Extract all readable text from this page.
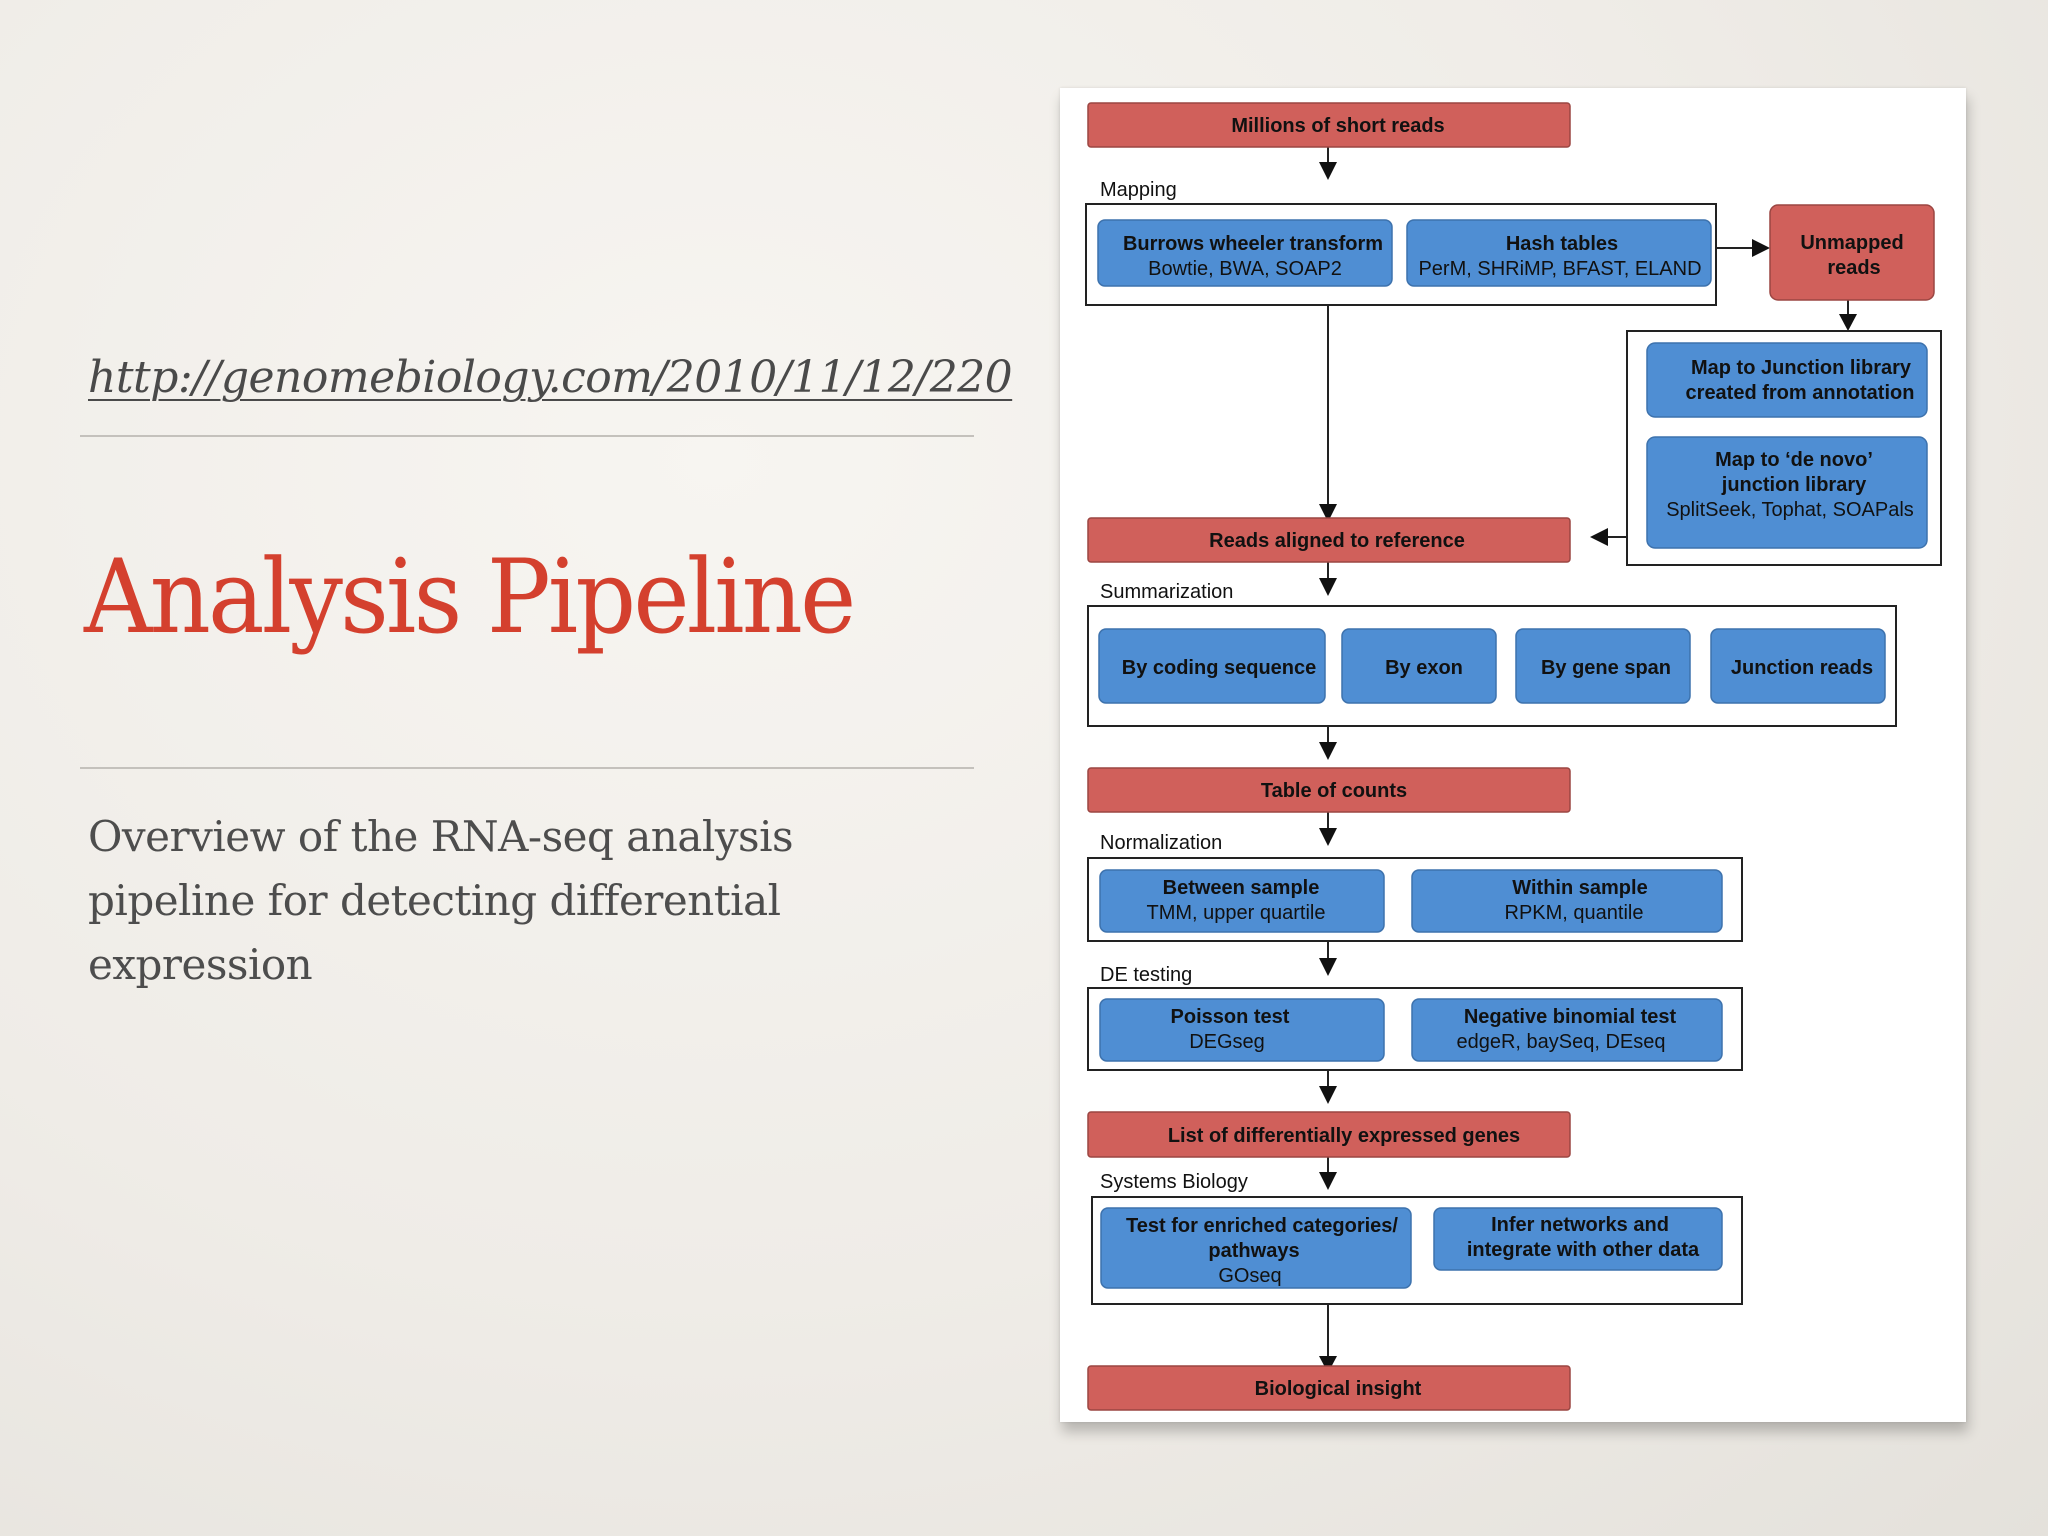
http://genomebiology.com/2010/11/12/220
Analysis Pipeline
Overview of the RNA-seq analysis pipeline for detecting differential expression
Millions of short reads
Mapping
Burrows wheeler transform
Bowtie, BWA, SOAP2
Hash tables
PerM, SHRiMP, BFAST, ELAND
Unmapped
reads
Map to Junction library
created from annotation
Map to ‘de novo’
junction library
SplitSeek, Tophat, SOAPals
Reads aligned to reference
Summarization
By coding sequence	By exon	By gene span	Junction reads
Table of counts
Normalization
Between sample
TMM, upper quartile
Within sample
RPKM, quantile
DE testing
Poisson test
DEGseg
Negative binomial test
edgeR, baySeq, DEseq
List of differentially expressed genes
Systems Biology
Test for enriched categories/
pathways
GOseq
Infer networks and
integrate with other data
Biological insight
